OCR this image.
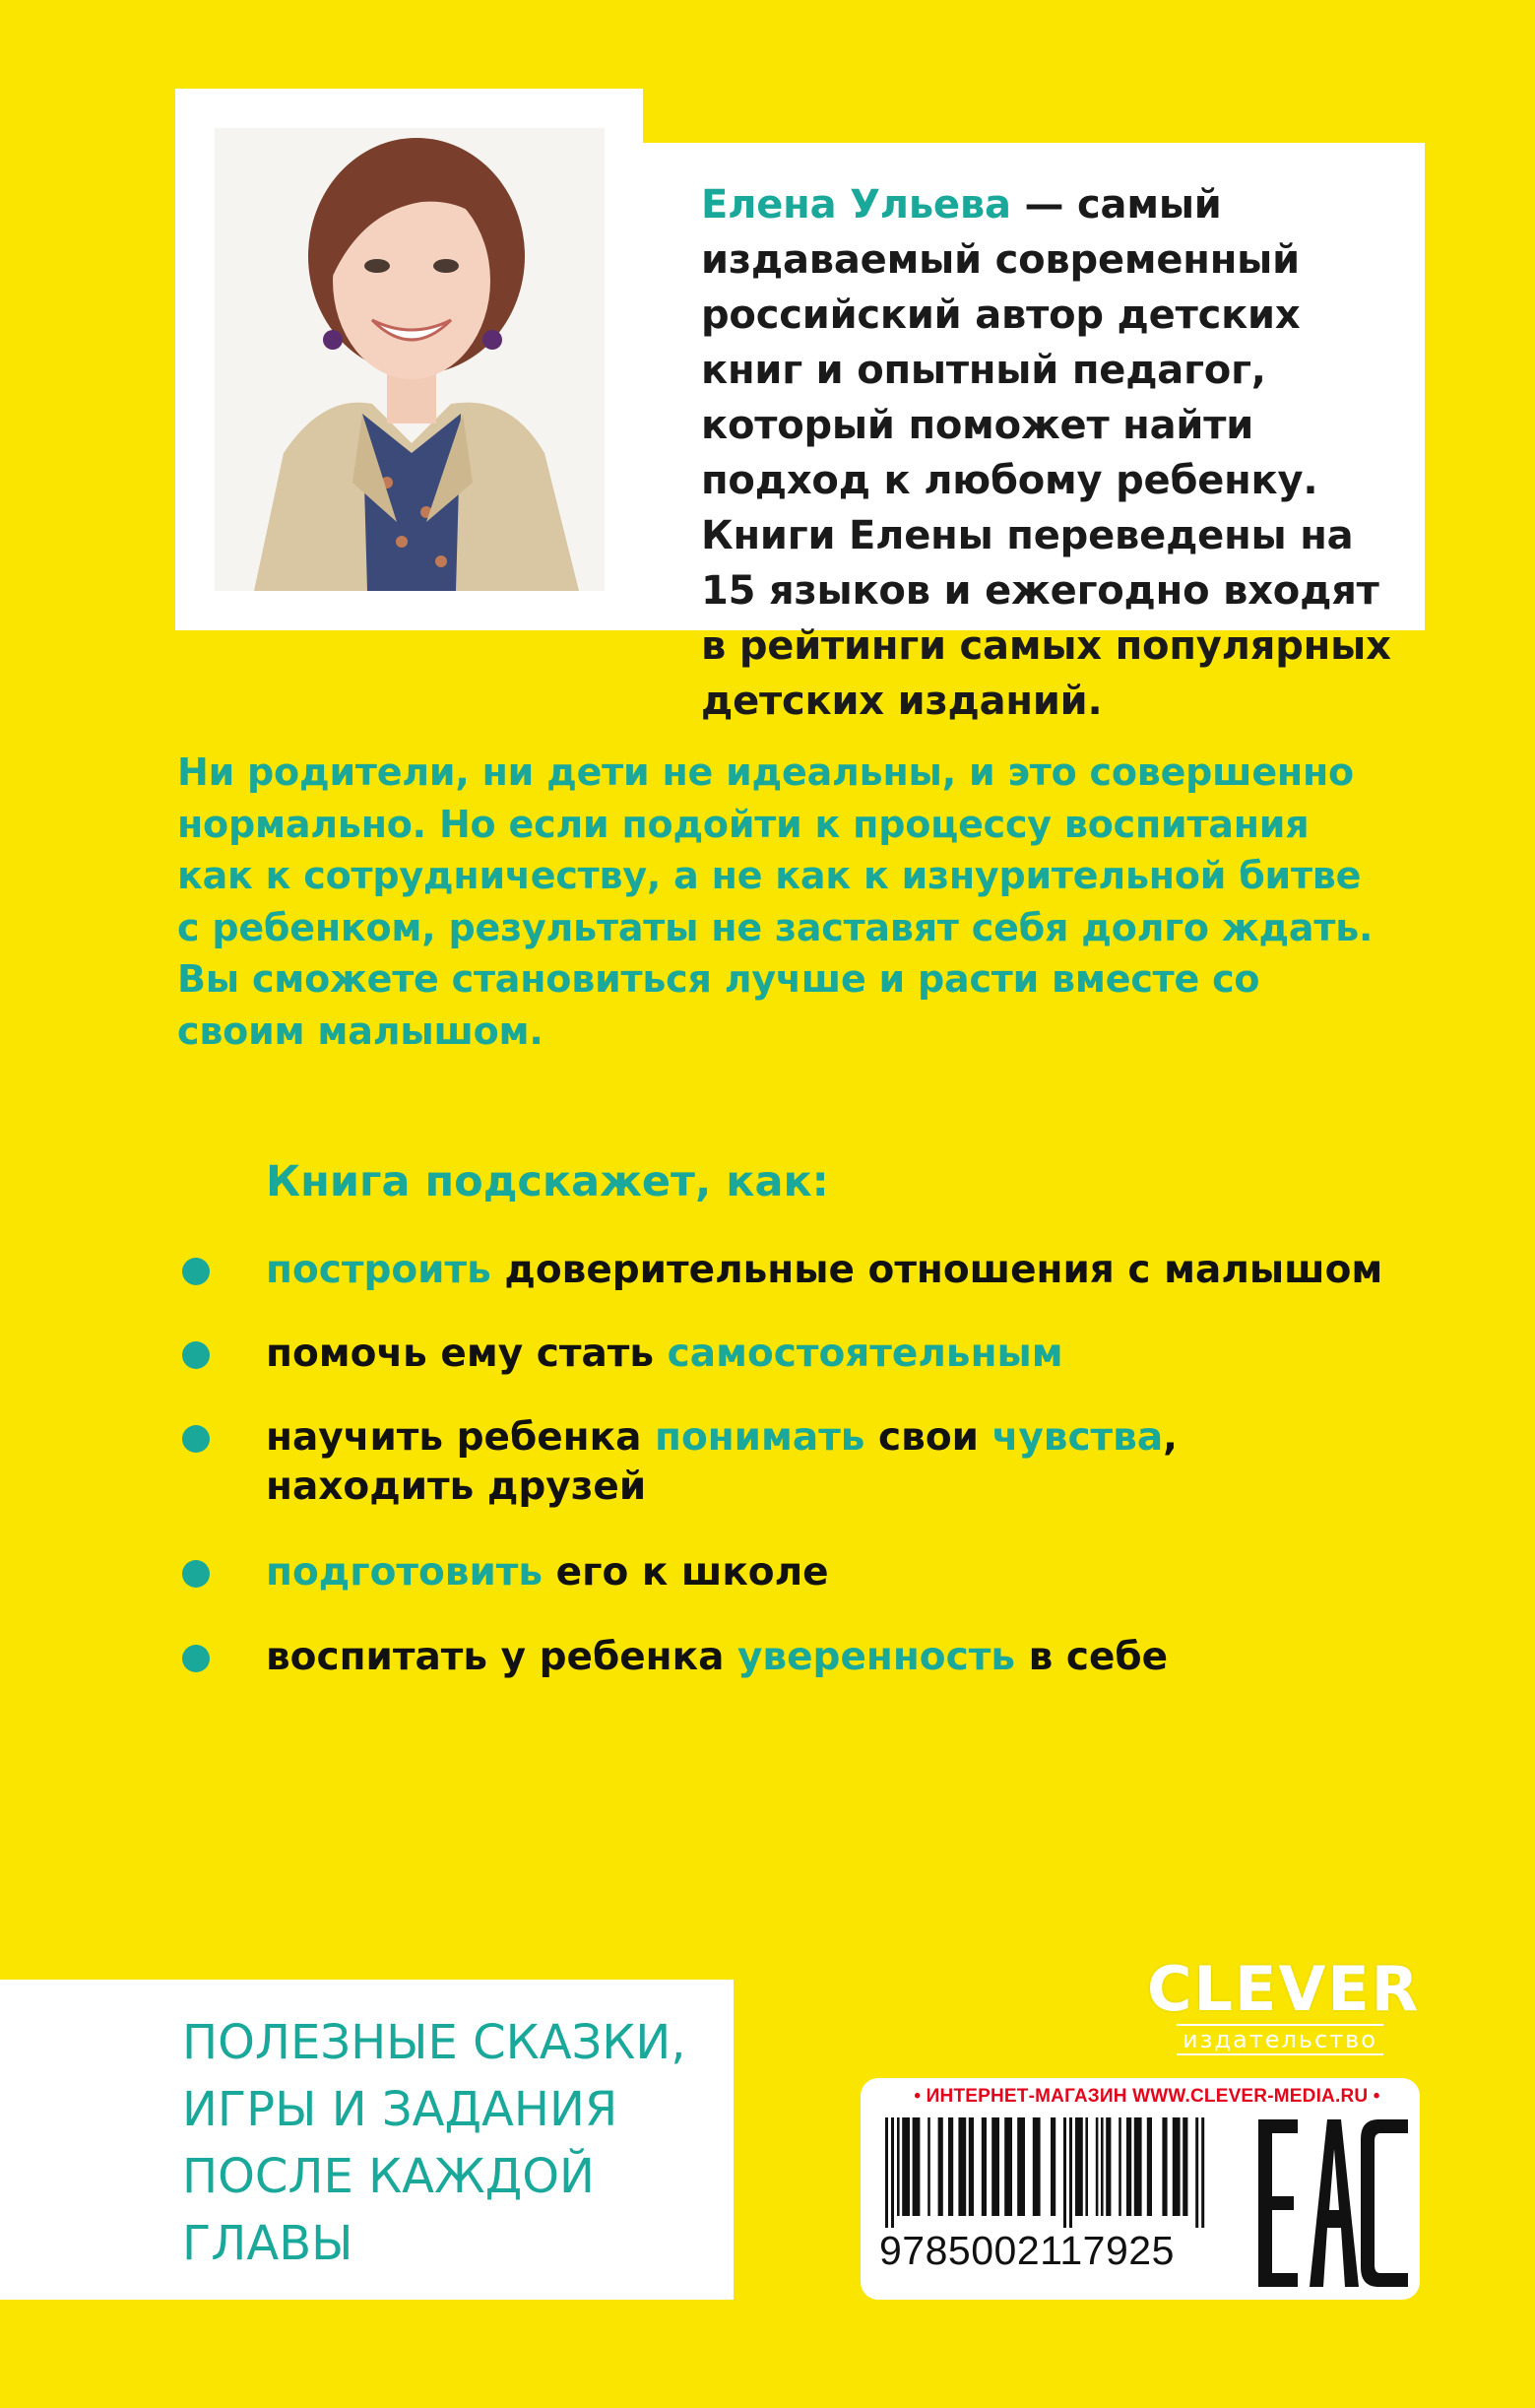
Елена Ульева — самый издаваемый современный российский автор детских книг и опытный педагог, который поможет найти подход к любому ребенку. Книги Елены переведены на 15 языков и ежегодно входят в рейтинги самых популярных детских изданий.
Ни родители, ни дети не идеальны, и это совершенно нормально. Но если подойти к процессу воспитания как к сотрудничеству, а не как к изнурительной битве с ребенком, результаты не заставят себя долго ждать. Вы сможете становиться лучше и расти вместе со своим малышом.
Книга подскажет, как:
построить доверительные отношения с малышом
помочь ему стать самостоятельным
научить ребенка понимать свои чувства,
находить друзей
подготовить его к школе
воспитать у ребенка уверенность в себе
ПОЛЕЗНЫЕ СКАЗКИ,
ИГРЫ И ЗАДАНИЯ
ПОСЛЕ КАЖДОЙ
ГЛАВЫ
CLEVER
издательство
• ИНТЕРНЕТ-МАГАЗИН WWW.CLEVER-MEDIA.RU •
9785002117925
